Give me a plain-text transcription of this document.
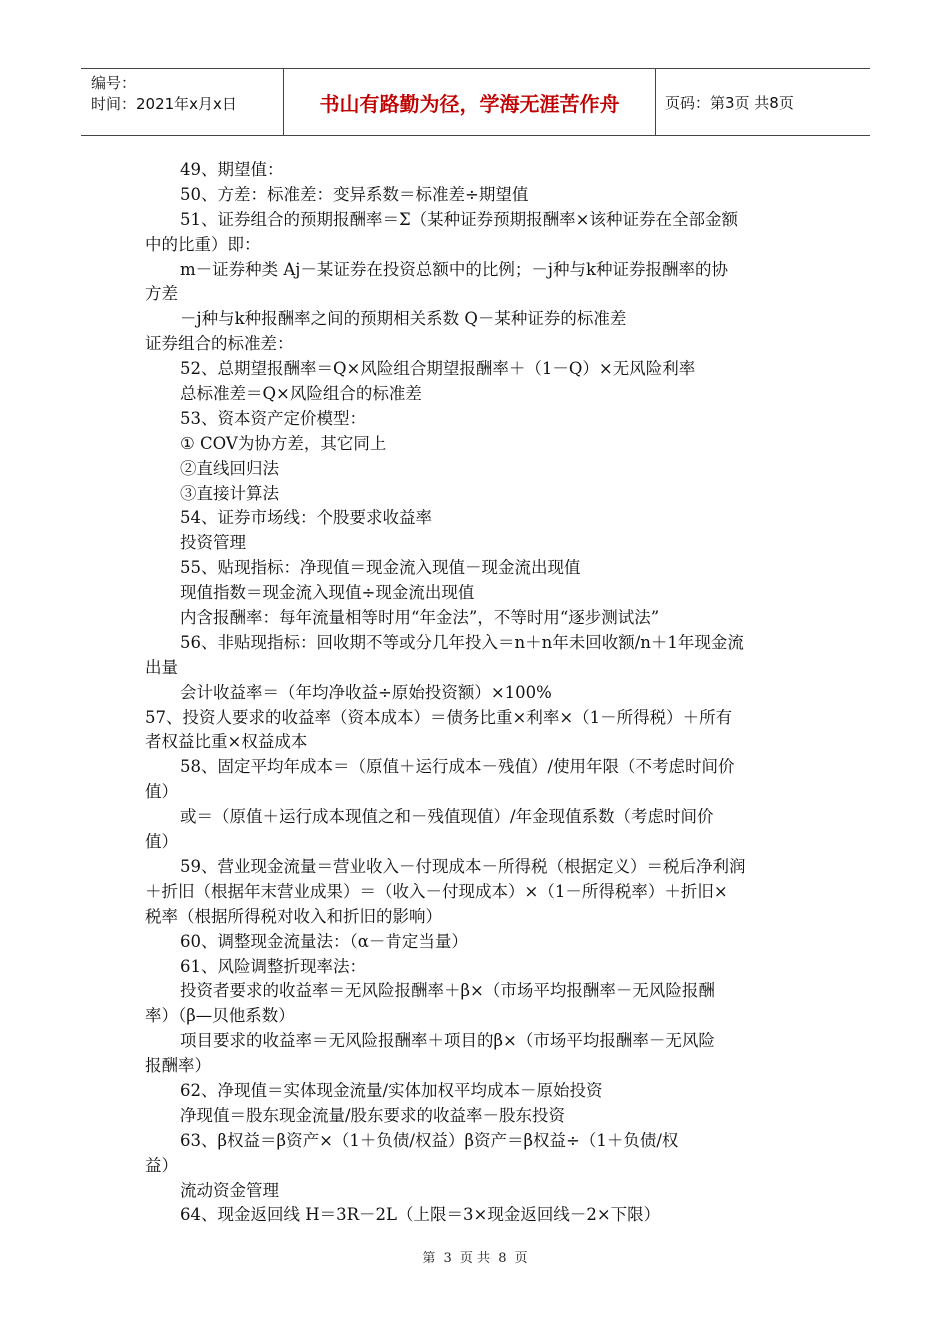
编号：
时间：2021年x月x日	书山有路勤为径，学海无涯苦作舟	页码：第3页 共8页
49、期望值：
50、方差：标准差：变异系数＝标准差÷期望值
51、证券组合的预期报酬率＝Σ（某种证券预期报酬率×该种证券在全部金额
中的比重）即：
m－证券种类 Aj－某证券在投资总额中的比例；－j种与k种证券报酬率的协
方差
－j种与k种报酬率之间的预期相关系数 Q－某种证券的标准差
证券组合的标准差：
52、总期望报酬率＝Q×风险组合期望报酬率＋（1－Q）×无风险利率
总标准差＝Q×风险组合的标准差
53、资本资产定价模型：
① COV为协方差，其它同上
②直线回归法
③直接计算法
54、证券市场线：个股要求收益率
投资管理
55、贴现指标：净现值＝现金流入现值－现金流出现值
现值指数＝现金流入现值÷现金流出现值
内含报酬率：每年流量相等时用“年金法”，不等时用“逐步测试法”
56、非贴现指标：回收期不等或分几年投入＝n＋n年未回收额/n＋1年现金流
出量
会计收益率＝（年均净收益÷原始投资额）×100%
57、投资人要求的收益率（资本成本）＝债务比重×利率×（1－所得税）＋所有
者权益比重×权益成本
58、固定平均年成本＝（原值＋运行成本－残值）/使用年限（不考虑时间价
值）
或＝（原值＋运行成本现值之和－残值现值）/年金现值系数（考虑时间价
值）
59、营业现金流量＝营业收入－付现成本－所得税（根据定义）＝税后净利润
＋折旧（根据年末营业成果）＝（收入－付现成本）×（1－所得税率）＋折旧×
税率（根据所得税对收入和折旧的影响）
60、调整现金流量法：（α－肯定当量）
61、风险调整折现率法：
投资者要求的收益率＝无风险报酬率＋β×（市场平均报酬率－无风险报酬
率）（β—贝他系数）
项目要求的收益率＝无风险报酬率＋项目的β×（市场平均报酬率－无风险
报酬率）
62、净现值＝实体现金流量/实体加权平均成本－原始投资
净现值＝股东现金流量/股东要求的收益率－股东投资
63、β权益＝β资产×（1＋负债/权益）β资产＝β权益÷（1＋负债/权
益）
流动资金管理
64、现金返回线 H＝3R－2L（上限＝3×现金返回线－2×下限）
第 3 页 共 8 页
